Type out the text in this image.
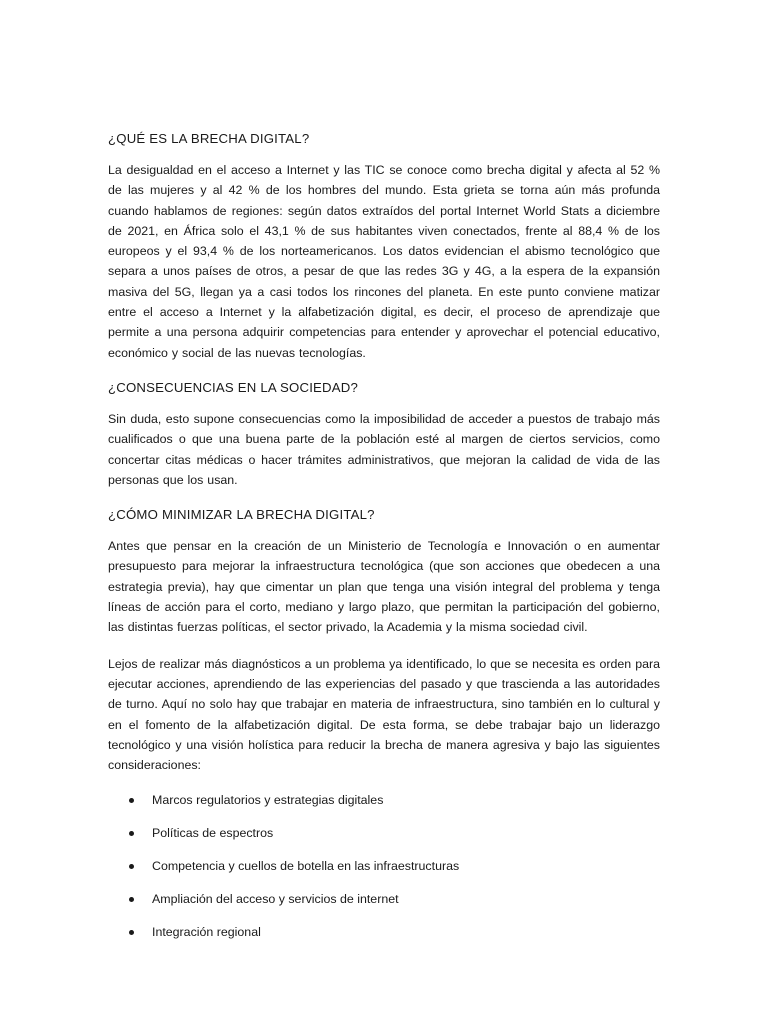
¿QUÉ ES LA BRECHA DIGITAL?

La desigualdad en el acceso a Internet y las TIC se conoce como brecha digital y afecta al 52 % de las mujeres y al 42 % de los hombres del mundo. Esta grieta se torna aún más profunda cuando hablamos de regiones: según datos extraídos del portal Internet World Stats a diciembre de 2021, en África solo el 43,1 % de sus habitantes viven conectados, frente al 88,4 % de los europeos y el 93,4 % de los norteamericanos. Los datos evidencian el abismo tecnológico que separa a unos países de otros, a pesar de que las redes 3G y 4G, a la espera de la expansión masiva del 5G, llegan ya a casi todos los rincones del planeta. En este punto conviene matizar entre el acceso a Internet y la alfabetización digital, es decir, el proceso de aprendizaje que permite a una persona adquirir competencias para entender y aprovechar el potencial educativo, económico y social de las nuevas tecnologías.

¿CONSECUENCIAS EN LA SOCIEDAD?

Sin duda, esto supone consecuencias como la imposibilidad de acceder a puestos de trabajo más cualificados o que una buena parte de la población esté al margen de ciertos servicios, como concertar citas médicas o hacer trámites administrativos, que mejoran la calidad de vida de las personas que los usan.

¿CÓMO MINIMIZAR LA BRECHA DIGITAL?

Antes que pensar en la creación de un Ministerio de Tecnología e Innovación o en aumentar presupuesto para mejorar la infraestructura tecnológica (que son acciones que obedecen a una estrategia previa), hay que cimentar un plan que tenga una visión integral del problema y tenga líneas de acción para el corto, mediano y largo plazo, que permitan la participación del gobierno, las distintas fuerzas políticas, el sector privado, la Academia y la misma sociedad civil.

Lejos de realizar más diagnósticos a un problema ya identificado, lo que se necesita es orden para ejecutar acciones, aprendiendo de las experiencias del pasado y que trascienda a las autoridades de turno. Aquí no solo hay que trabajar en materia de infraestructura, sino también en lo cultural y en el fomento de la alfabetización digital. De esta forma, se debe trabajar bajo un liderazgo tecnológico y una visión holística para reducir la brecha de manera agresiva y bajo las siguientes consideraciones:

Marcos regulatorios y estrategias digitales
Políticas de espectros
Competencia y cuellos de botella en las infraestructuras
Ampliación del acceso y servicios de internet
Integración regional
